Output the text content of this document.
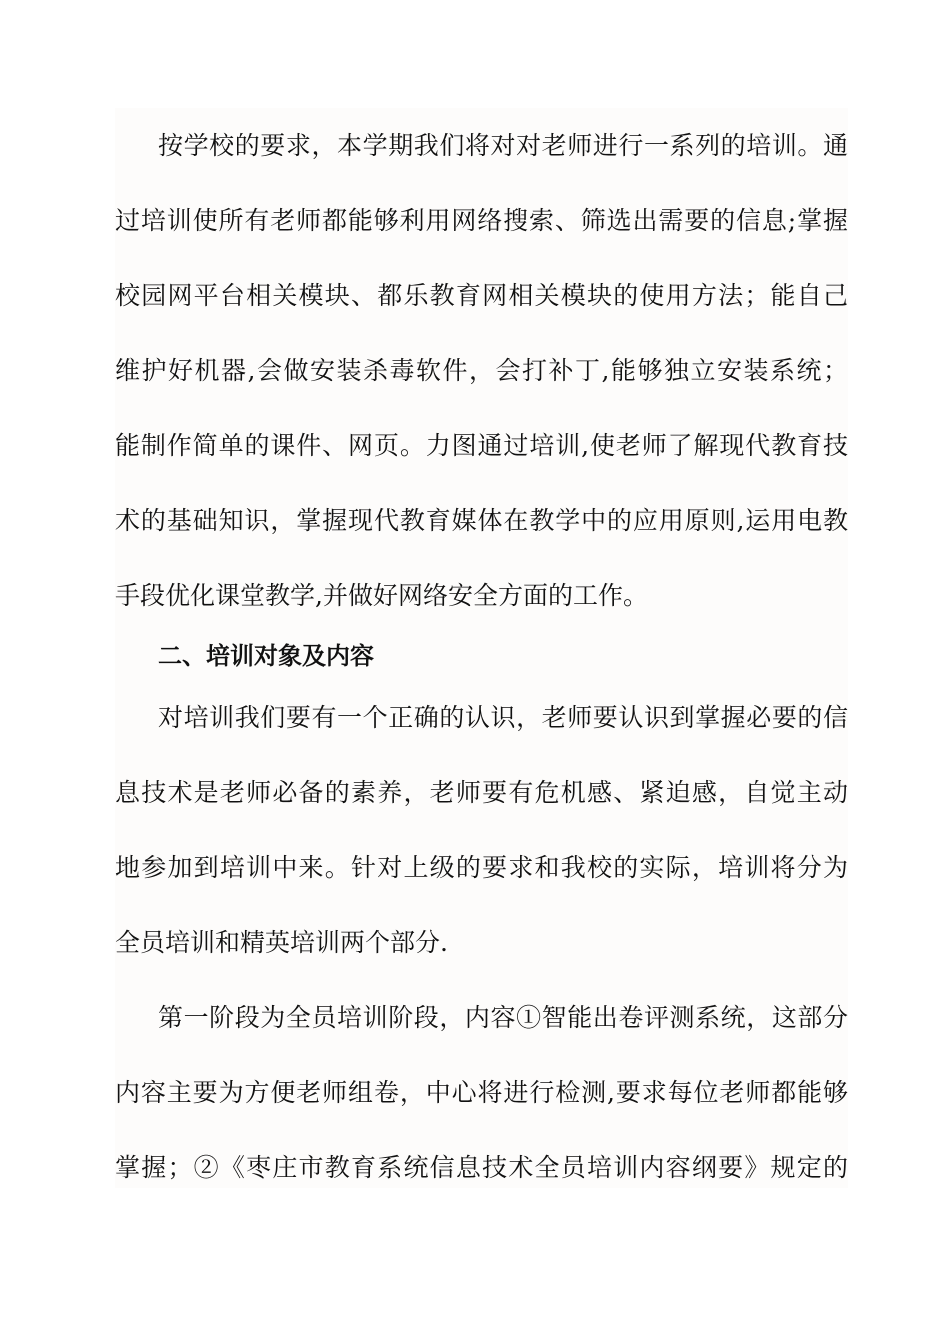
按学校的要求，本学期我们将对对老师进行一系列的培训。通
过培训使所有老师都能够利用网络搜索、筛选出需要的信息;掌握
校园网平台相关模块、都乐教育网相关模块的使用方法；能自己
维护好机器,会做安装杀毒软件，会打补丁,能够独立安装系统；
能制作简单的课件、网页。力图通过培训,使老师了解现代教育技
术的基础知识，掌握现代教育媒体在教学中的应用原则,运用电教
手段优化课堂教学,并做好网络安全方面的工作。
二、培训对象及内容
对培训我们要有一个正确的认识，老师要认识到掌握必要的信
息技术是老师必备的素养，老师要有危机感、紧迫感，自觉主动
地参加到培训中来。针对上级的要求和我校的实际，培训将分为
全员培训和精英培训两个部分.
第一阶段为全员培训阶段，内容①智能出卷评测系统，这部分
内容主要为方便老师组卷，中心将进行检测,要求每位老师都能够
掌握；②《枣庄市教育系统信息技术全员培训内容纲要》规定的
